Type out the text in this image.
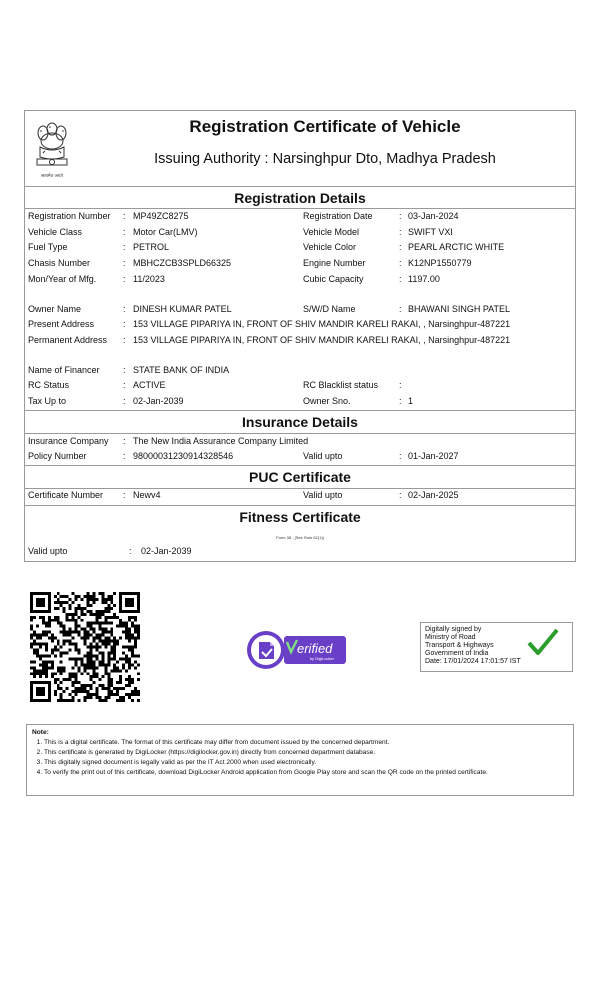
सत्यमेव जयते
Registration Certificate of Vehicle
Issuing Authority : Narsinghpur Dto, Madhya Pradesh
Registration Details
Registration Number : MP49ZC8275	Registration Date	: 03-Jan-2024
Vehicle Class	: Motor Car(LMV)	Vehicle Model	: SWIFT VXI
Fuel Type	: PETROL	Vehicle Color	: PEARL ARCTIC WHITE
Chasis Number	: MBHCZCB3SPLD66325	Engine Number	: K12NP1550779
Mon/Year of Mfg.	: 11/2023	Cubic Capacity	: 1197.00
Owner Name	: DINESH KUMAR PATEL	S/W/D Name	: BHAWANI SINGH PATEL
Present Address	: 153 VILLAGE PIPARIYA IN, FRONT OF SHIV MANDIR KARELI RAKAI, , Narsinghpur-487221
Permanent Address : 153 VILLAGE PIPARIYA IN, FRONT OF SHIV MANDIR KARELI RAKAI, , Narsinghpur-487221
Name of Financer	: STATE BANK OF INDIA
RC Status	: ACTIVE	RC Blacklist status :
Tax Up to	: 02-Jan-2039	Owner Sno.	: 1
Insurance Details
Insurance Company : The New India Assurance Company Limited
Policy Number	: 98000031230914328546	Valid upto	: 01-Jan-2027
PUC Certificate
Certificate Number : Newv4	Valid upto	: 02-Jan-2025
Fitness Certificate
Form 38 - [See Rule 62(1)]
Valid upto	: 02-Jan-2039
erified
by DigiLocker
Digitally signed by
Ministry of Road
Transport & Highways
Government of India
Date: 17/01/2024 17:01:57 IST
Note:
1. This is a digital certificate. The format of this certificate may differ from document issued by the concerned department.
2. This certificate is generated by DigiLocker (https://digilocker.gov.in) directly from concerned department database.
3. This digitally signed document is legally valid as per the IT Act 2000 when used electronically.
4. To verify the print out of this certificate, download DigiLocker Android application from Google Play store and scan the QR code on the printed certificate.
